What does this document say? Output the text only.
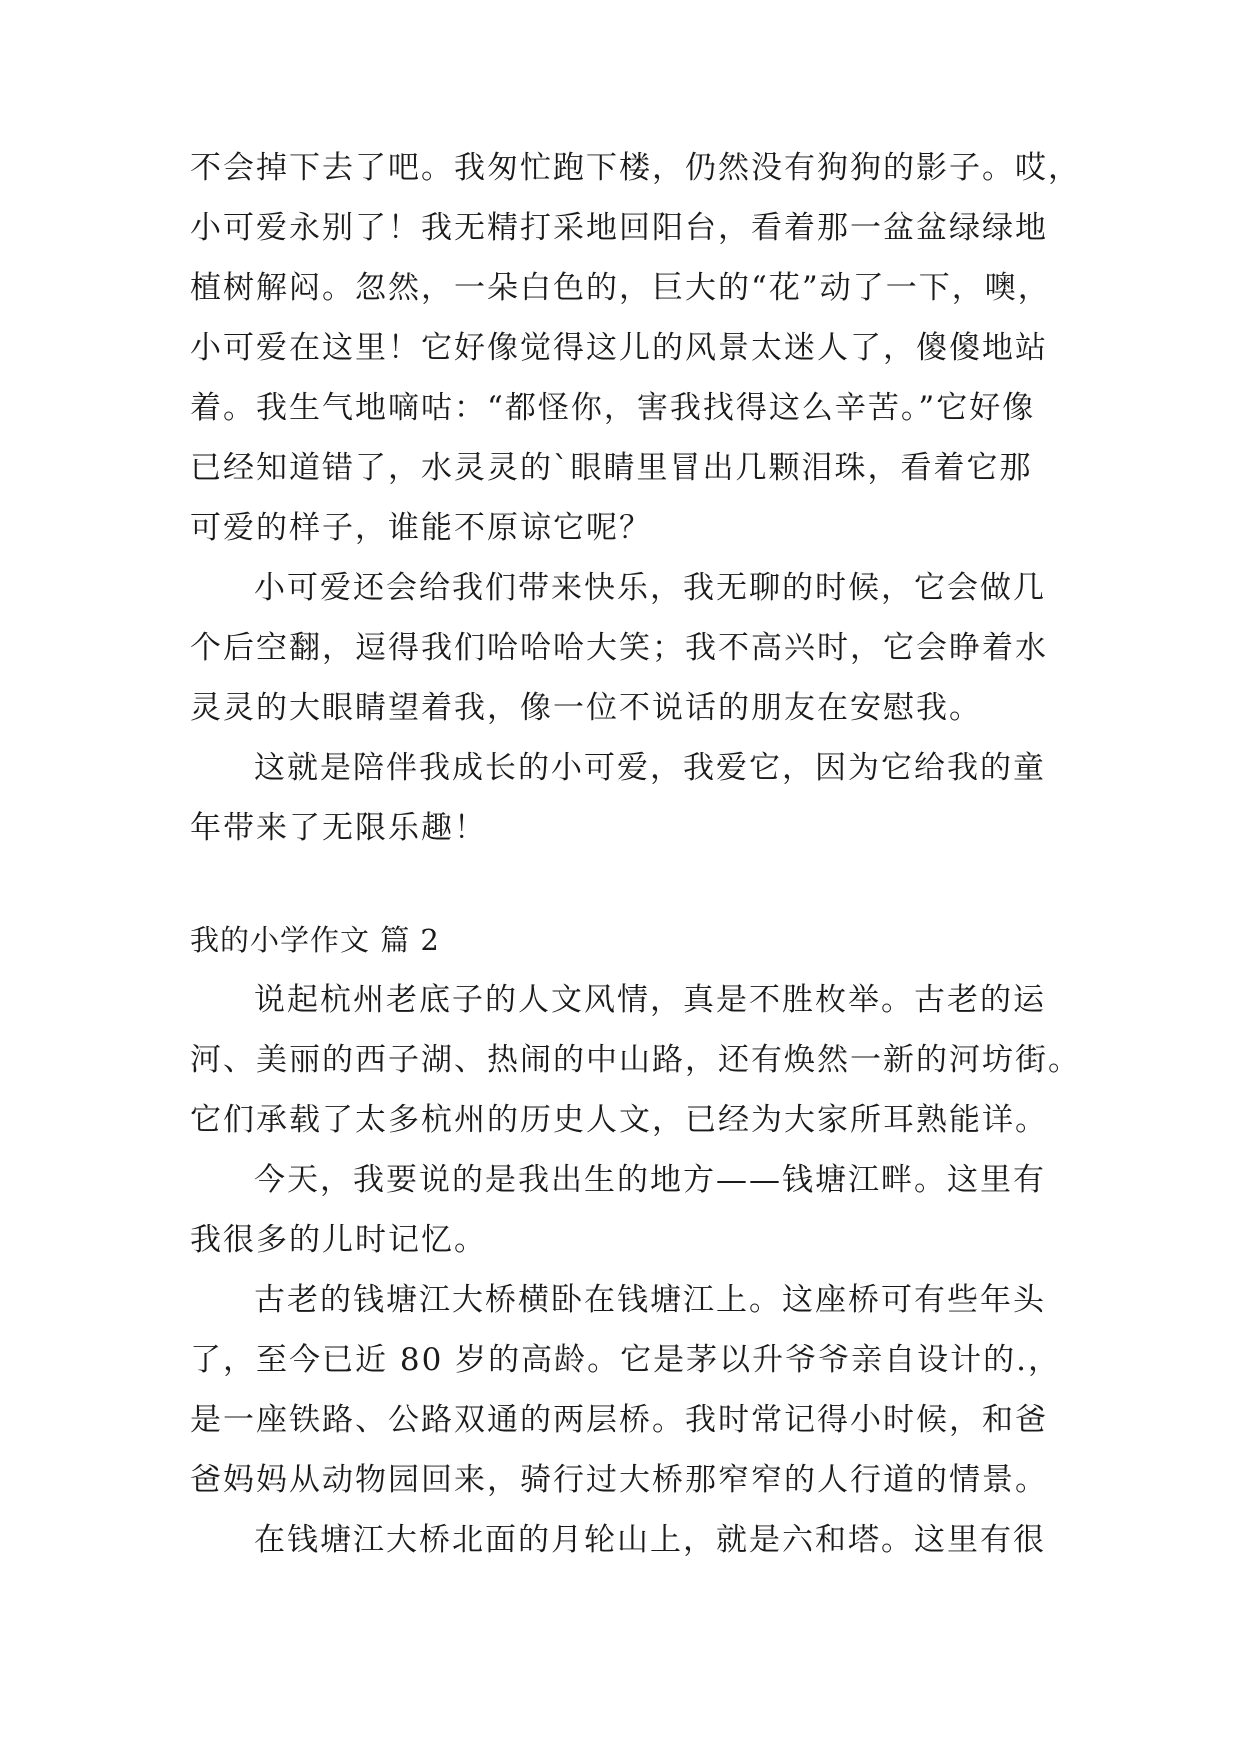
不会掉下去了吧。我匆忙跑下楼，仍然没有狗狗的影子。哎，
小可爱永别了！我无精打采地回阳台，看着那一盆盆绿绿地
植树解闷。忽然，一朵白色的，巨大的“花”动了一下，噢，
小可爱在这里！它好像觉得这儿的风景太迷人了，傻傻地站
着。我生气地嘀咕：“都怪你，害我找得这么辛苦。”它好像
已经知道错了，水灵灵的`眼睛里冒出几颗泪珠，看着它那
可爱的样子，谁能不原谅它呢？
小可爱还会给我们带来快乐，我无聊的时候，它会做几
个后空翻，逗得我们哈哈哈大笑；我不高兴时，它会睁着水
灵灵的大眼睛望着我，像一位不说话的朋友在安慰我。
这就是陪伴我成长的小可爱，我爱它，因为它给我的童
年带来了无限乐趣！
我的小学作文 篇 2
说起杭州老底子的人文风情，真是不胜枚举。古老的运
河、美丽的西子湖、热闹的中山路，还有焕然一新的河坊街。
它们承载了太多杭州的历史人文，已经为大家所耳熟能详。
今天，我要说的是我出生的地方——钱塘江畔。这里有
我很多的儿时记忆。
古老的钱塘江大桥横卧在钱塘江上。这座桥可有些年头
了，至今已近 80 岁的高龄。它是茅以升爷爷亲自设计的.，
是一座铁路、公路双通的两层桥。我时常记得小时候，和爸
爸妈妈从动物园回来，骑行过大桥那窄窄的人行道的情景。
在钱塘江大桥北面的月轮山上，就是六和塔。这里有很
